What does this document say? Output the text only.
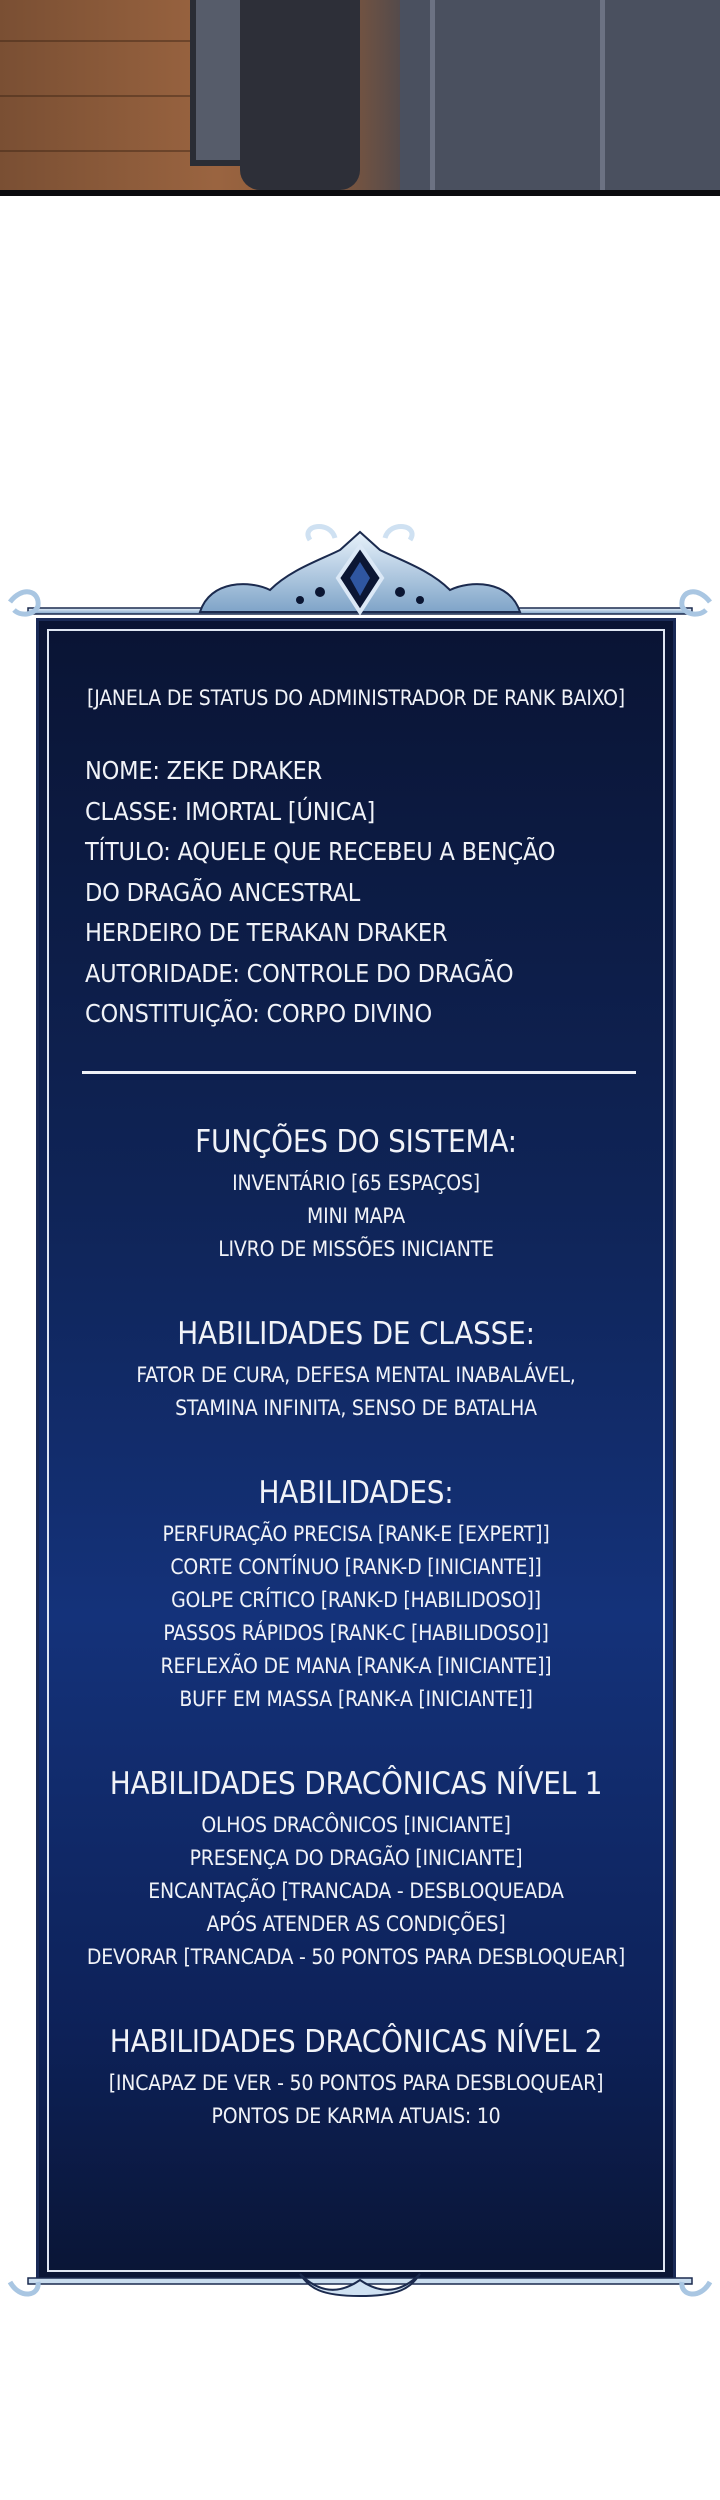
[JANELA DE STATUS DO ADMINISTRADOR DE RANK BAIXO]
NOME: ZEKE DRAKER
CLASSE: IMORTAL [ÚNICA]
TÍTULO: AQUELE QUE RECEBEU A BENÇÃO
DO DRAGÃO ANCESTRAL
HERDEIRO DE TERAKAN DRAKER
AUTORIDADE: CONTROLE DO DRAGÃO
CONSTITUIÇÃO: CORPO DIVINO
FUNÇÕES DO SISTEMA:
INVENTÁRIO [65 ESPAÇOS]
MINI MAPA
LIVRO DE MISSÕES INICIANTE
HABILIDADES DE CLASSE:
FATOR DE CURA, DEFESA MENTAL INABALÁVEL,
STAMINA INFINITA, SENSO DE BATALHA
HABILIDADES:
PERFURAÇÃO PRECISA [RANK-E [EXPERT]]
CORTE CONTÍNUO [RANK-D [INICIANTE]]
GOLPE CRÍTICO [RANK-D [HABILIDOSO]]
PASSOS RÁPIDOS [RANK-C [HABILIDOSO]]
REFLEXÃO DE MANA [RANK-A [INICIANTE]]
BUFF EM MASSA [RANK-A [INICIANTE]]
HABILIDADES DRACÔNICAS NÍVEL 1
OLHOS DRACÔNICOS [INICIANTE]
PRESENÇA DO DRAGÃO [INICIANTE]
ENCANTAÇÃO [TRANCADA - DESBLOQUEADA
APÓS ATENDER AS CONDIÇÕES]
DEVORAR [TRANCADA - 50 PONTOS PARA DESBLOQUEAR]
HABILIDADES DRACÔNICAS NÍVEL 2
[INCAPAZ DE VER - 50 PONTOS PARA DESBLOQUEAR]
PONTOS DE KARMA ATUAIS: 10
